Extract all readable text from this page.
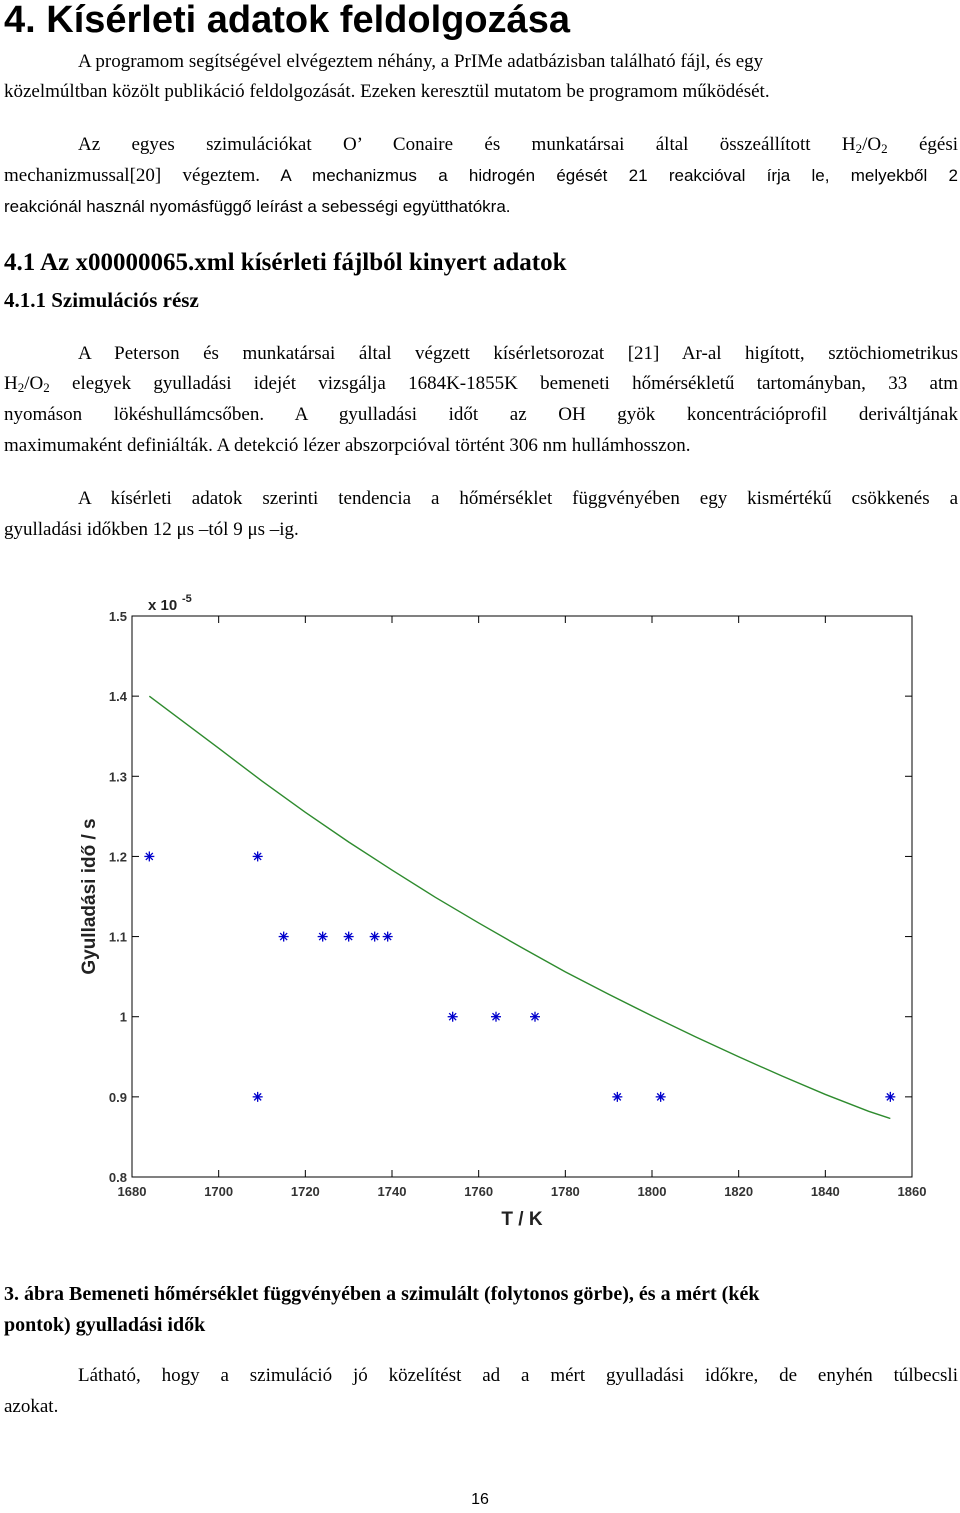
4. Kísérleti adatok feldolgozása
A programom segítségével elvégeztem néhány, a PrIMe adatbázisban található fájl, és egy
közelmúltban közölt publikáció feldolgozását. Ezeken keresztül mutatom be programom működését.
Az egyes szimulációkat O’ Conaire és munkatársai által összeállított $H_2/O_2$ égési
mechanizmussal[20] végeztem. A mechanizmus a hidrogén égését 21 reakcióval írja le, melyekből 2
reakciónál használ nyomásfüggő leírást a sebességi együtthatókra.
4.1 Az x00000065.xml kísérleti fájlból kinyert adatok
4.1.1 Szimulációs rész
A Peterson és munkatársai által végzett kísérletsorozat [21] Ar-al higított, sztöchiometrikus
$H_2/O_2$ elegyek gyulladási idejét vizsgálja 1684K-1855K bemeneti hőmérsékletű tartományban, 33 atm
nyomáson lökéshullámcsőben. A gyulladási időt az OH gyök koncentrációprofil deriváltjának
maximumaként definiálták. A detekció lézer abszorpcióval történt 306 nm hullámhosszon.
A kísérleti adatok szerinti tendencia a hőmérséklet függvényében egy kismértékű csökkenés a
gyulladási időkben 12 μs –tól 9 μs –ig.
1680	1700	1720	1740	1760	1780	1800	1820	1840	1860
0.8
0.9
1
1.1
1.2
1.3
1.4
1.5
x 10 -5
T / K
Gyulladási idő / s
3. ábra Bemeneti hőmérséklet függvényében a szimulált (folytonos görbe), és a mért (kék
pontok) gyulladási idők
Látható, hogy a szimuláció jó közelítést ad a mért gyulladási időkre, de enyhén túlbecsli
azokat.
16
